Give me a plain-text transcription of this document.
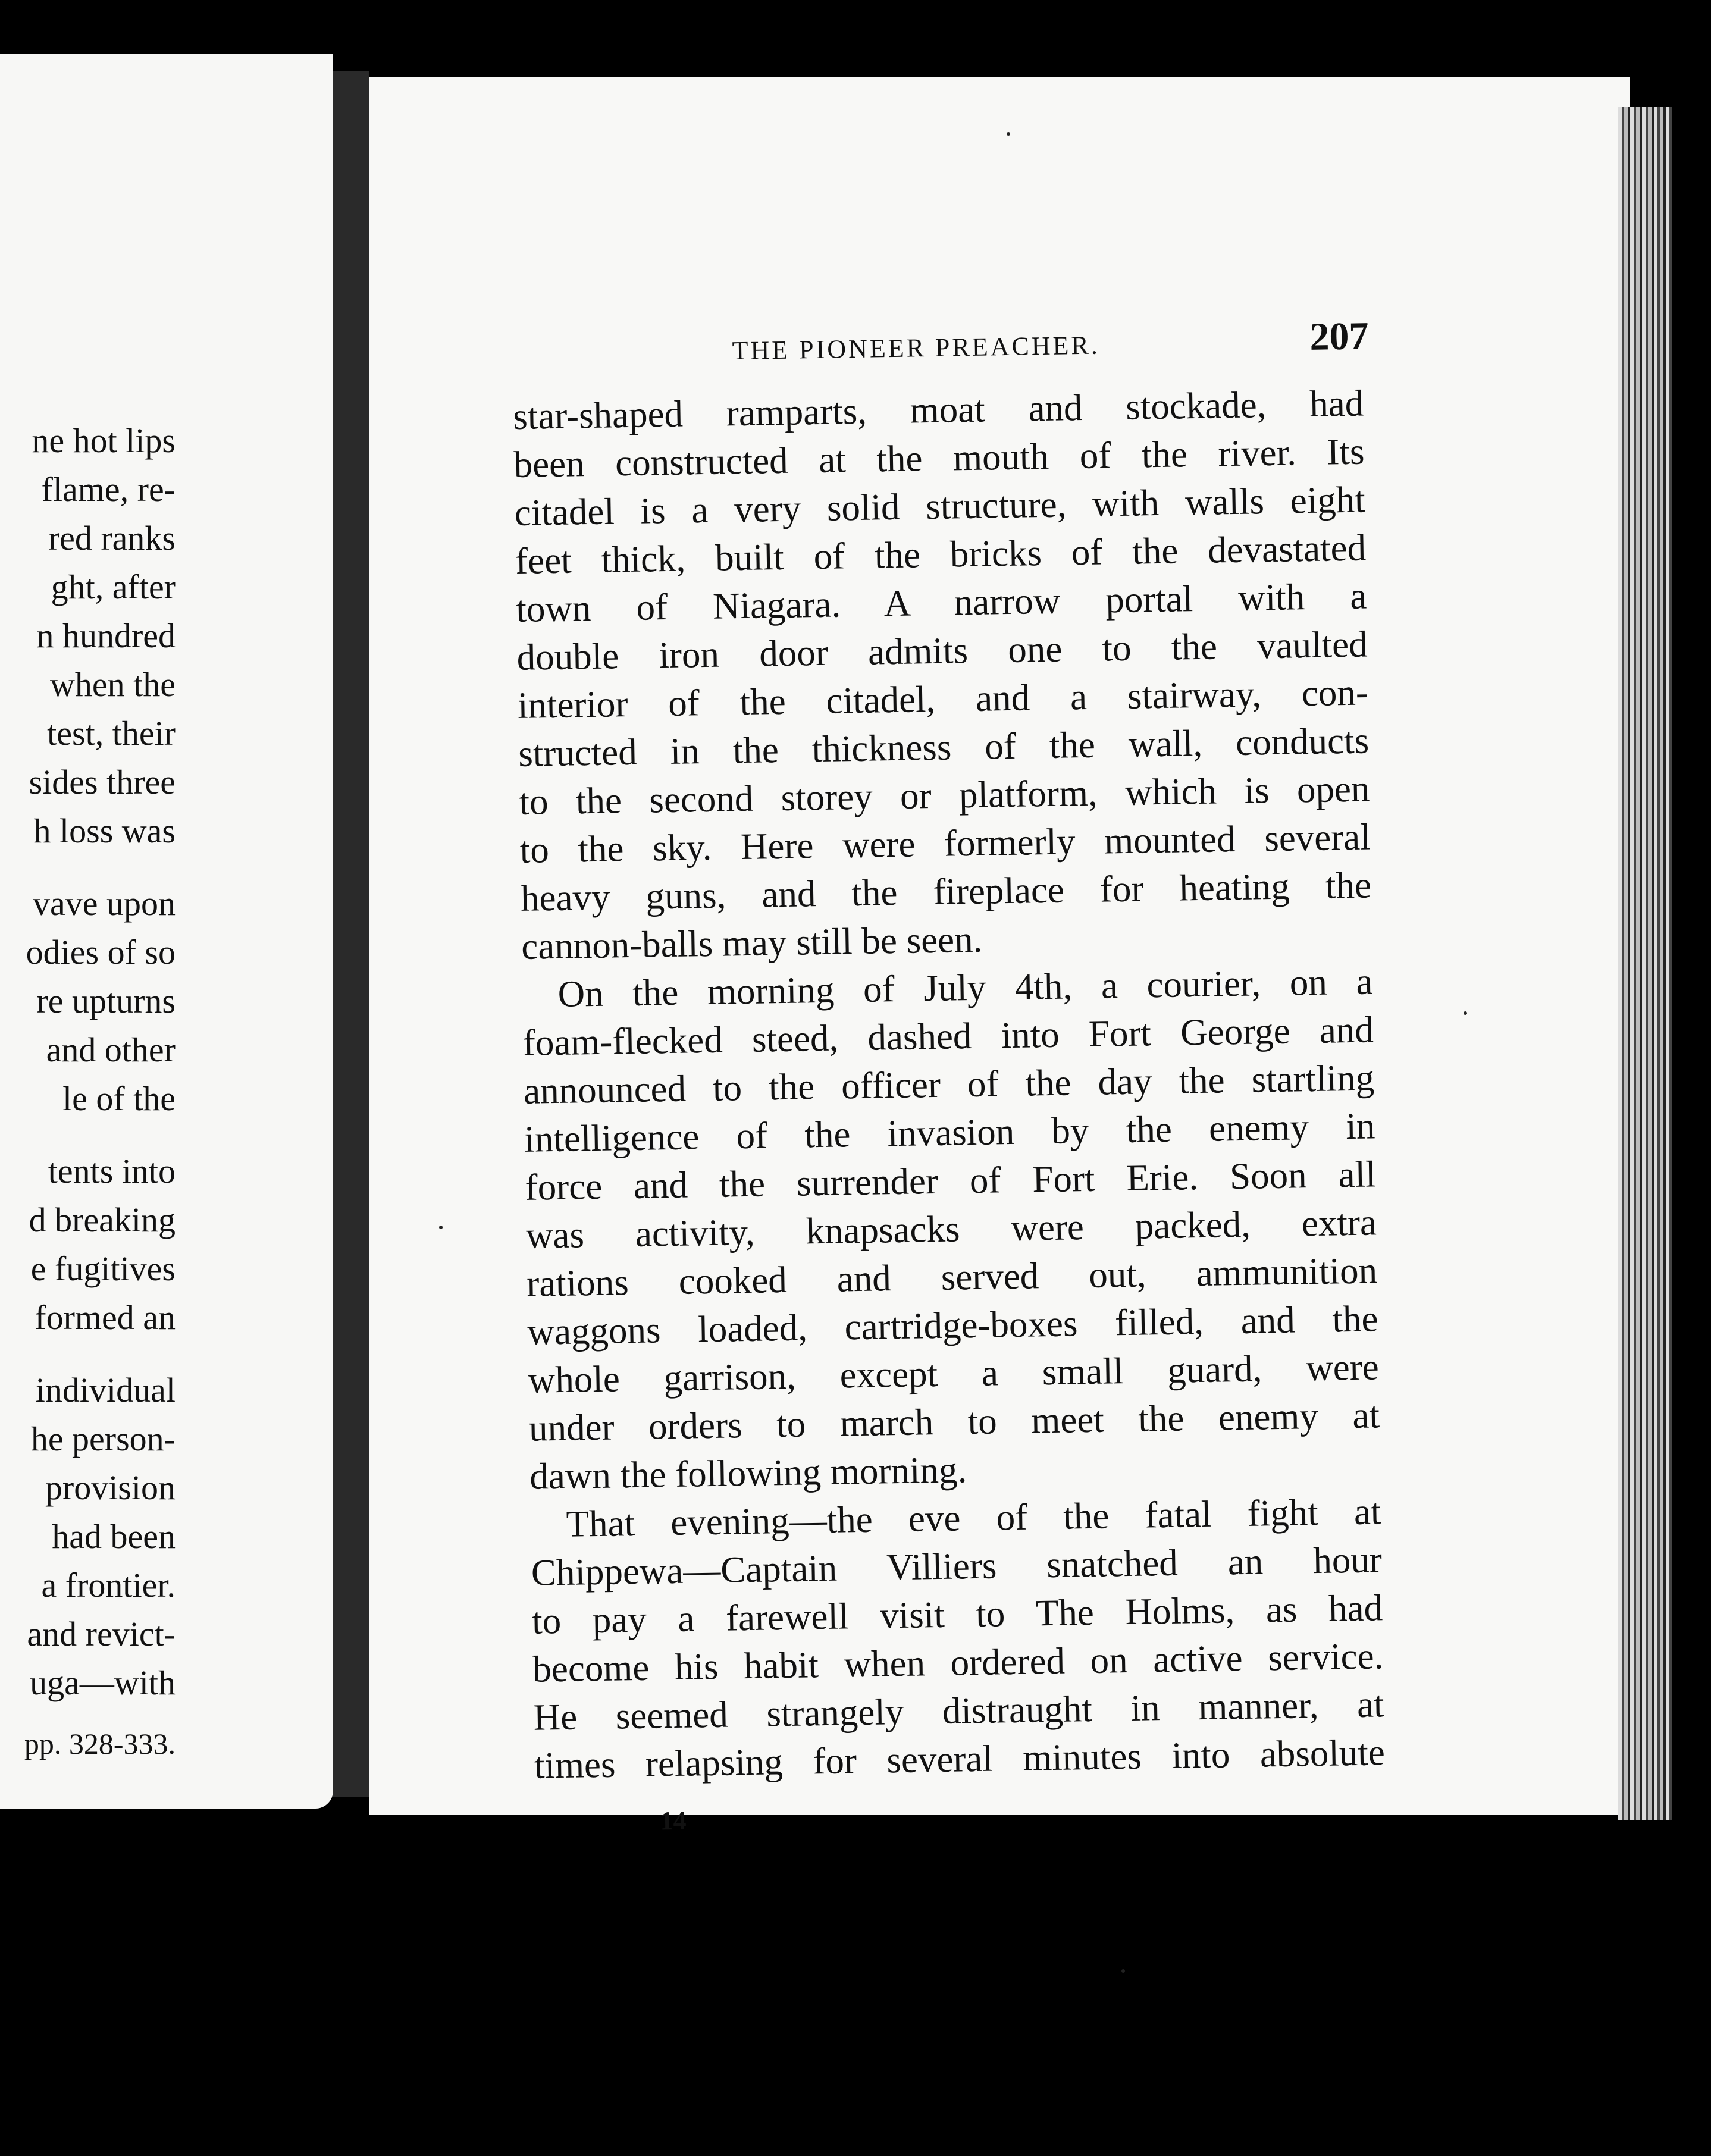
ne hot lips
flame, re-
red ranks
ght, after
n hundred
when the
test, their
sides three
h loss was
vave upon
odies of so
re upturns
and other
le of the
tents into
d breaking
e fugitives
formed an
individual
he person-
provision
had been
a frontier.
and revict-
uga—with
pp. 328-333.
THE PIONEER PREACHER.	207
star-shaped ramparts, moat and stockade, had
been constructed at the mouth of the river. Its
citadel is a very solid structure, with walls eight
feet thick, built of the bricks of the devastated
town of Niagara. A narrow portal with a
double iron door admits one to the vaulted
interior of the citadel, and a stairway, con-
structed in the thickness of the wall, conducts
to the second storey or platform, which is open
to the sky. Here were formerly mounted several
heavy guns, and the fireplace for heating the
cannon-balls may still be seen.
On the morning of July 4th, a courier, on a
foam-flecked steed, dashed into Fort George and
announced to the officer of the day the startling
intelligence of the invasion by the enemy in
force and the surrender of Fort Erie. Soon all
was activity, knapsacks were packed, extra
rations cooked and served out, ammunition
waggons loaded, cartridge-boxes filled, and the
whole garrison, except a small guard, were
under orders to march to meet the enemy at
dawn the following morning.
That evening—the eve of the fatal fight at
Chippewa—Captain Villiers snatched an hour
to pay a farewell visit to The Holms, as had
become his habit when ordered on active service.
He seemed strangely distraught in manner, at
times relapsing for several minutes into absolute
14
